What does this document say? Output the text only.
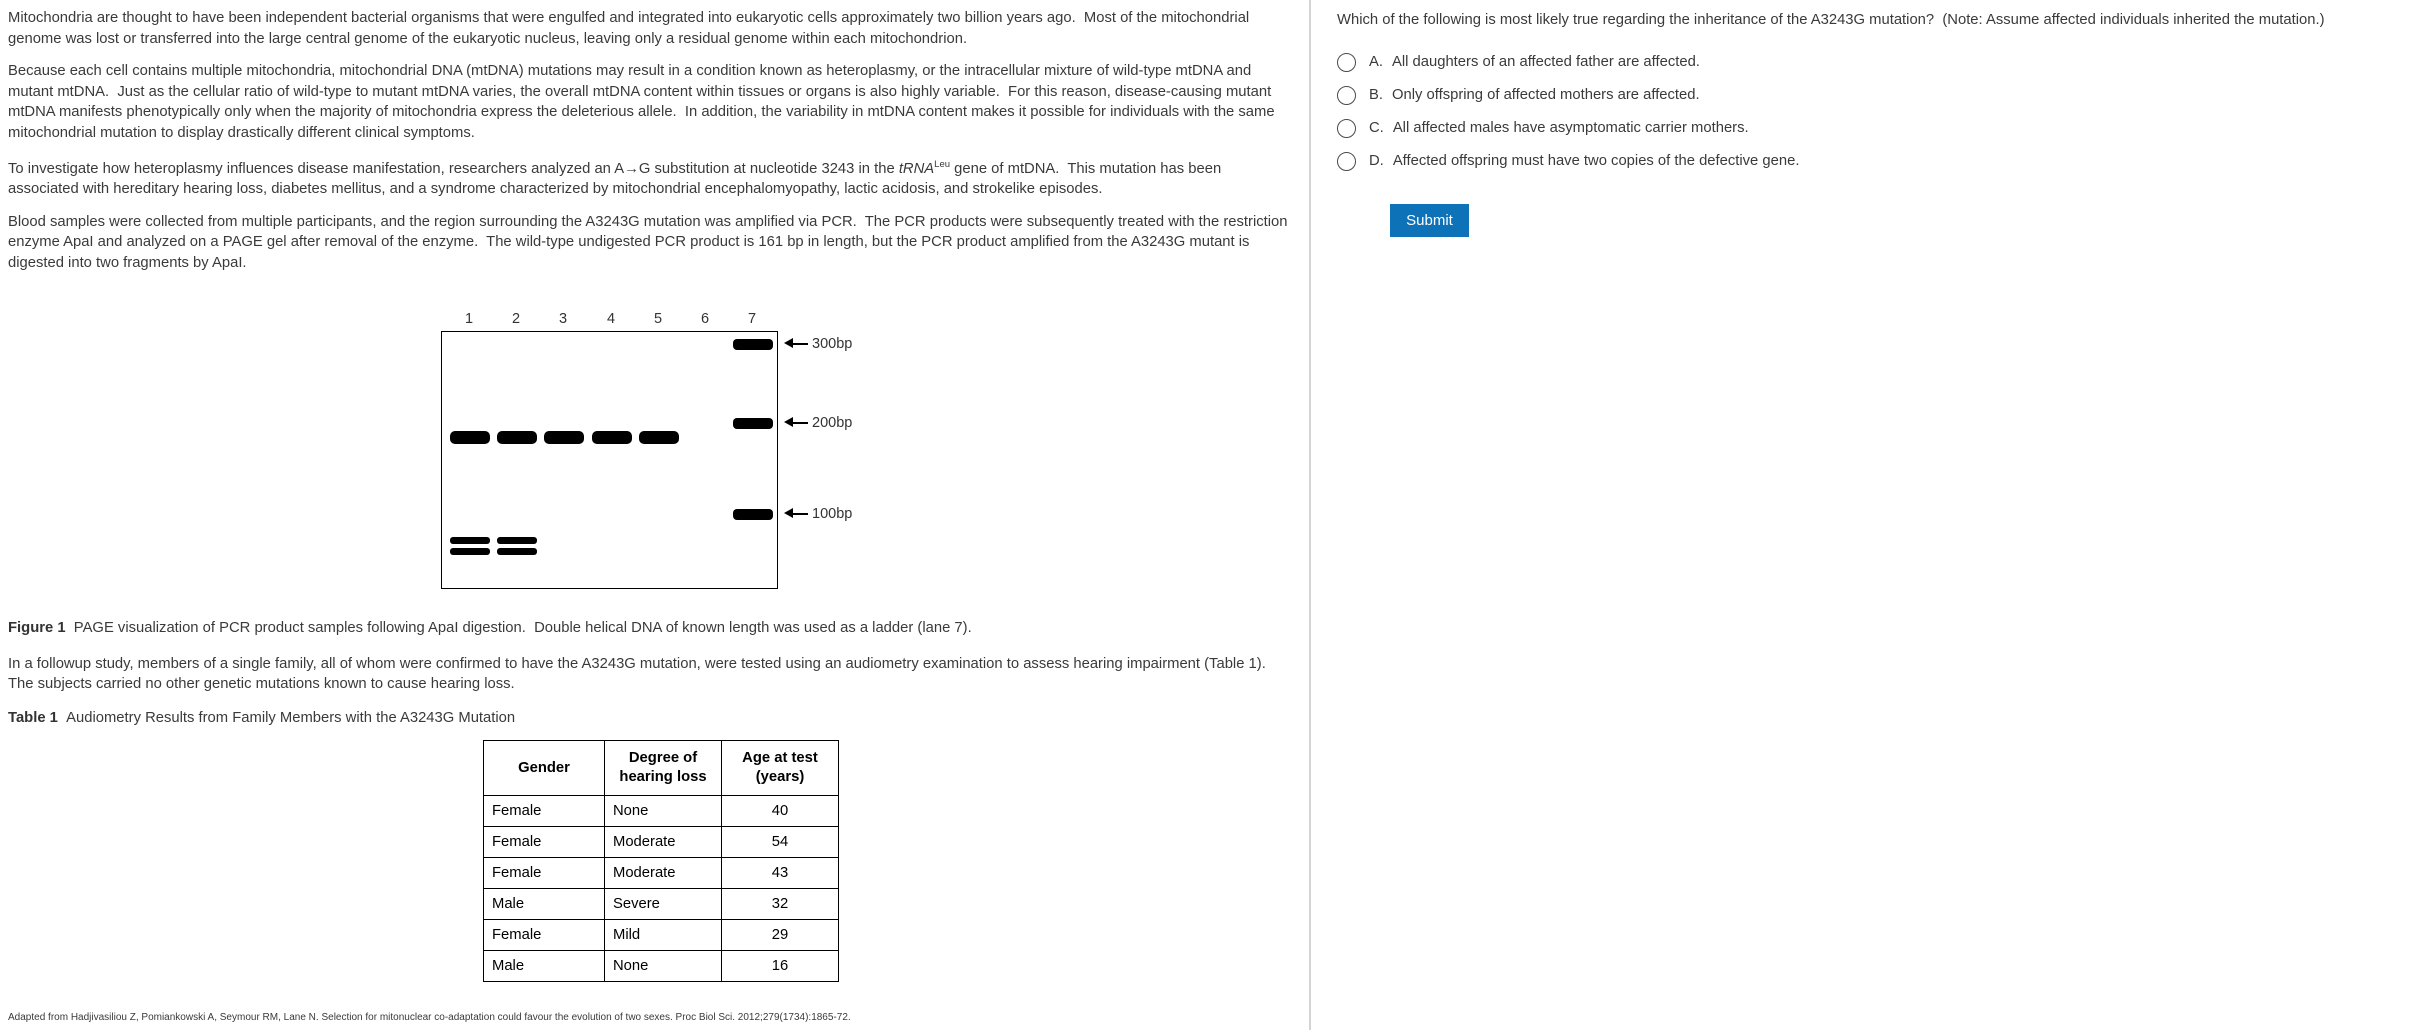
Mitochondria are thought to have been independent bacterial organisms that were engulfed and integrated into eukaryotic cells approximately two billion years ago.  Most of the mitochondrial genome was lost or transferred into the large central genome of the eukaryotic nucleus, leaving only a residual genome within each mitochondrion.

Because each cell contains multiple mitochondria, mitochondrial DNA (mtDNA) mutations may result in a condition known as heteroplasmy, or the intracellular mixture of wild-type mtDNA and mutant mtDNA.  Just as the cellular ratio of wild-type to mutant mtDNA varies, the overall mtDNA content within tissues or organs is also highly variable.  For this reason, disease-causing mutant mtDNA manifests phenotypically only when the majority of mitochondria express the deleterious allele.  In addition, the variability in mtDNA content makes it possible for individuals with the same mitochondrial mutation to display drastically different clinical symptoms.

To investigate how heteroplasmy influences disease manifestation, researchers analyzed an A→G substitution at nucleotide 3243 in the tRNA$^{Leu}$ gene of mtDNA.  This mutation has been associated with hereditary hearing loss, diabetes mellitus, and a syndrome characterized by mitochondrial encephalomyopathy, lactic acidosis, and strokelike episodes.

Blood samples were collected from multiple participants, and the region surrounding the A3243G mutation was amplified via PCR.  The PCR products were subsequently treated with the restriction enzyme ApaI and analyzed on a PAGE gel after removal of the enzyme.  The wild-type undigested PCR product is 161 bp in length, but the PCR product amplified from the A3243G mutant is digested into two fragments by ApaI.

1	2	3	4	5	6	7
300bp
200bp
100bp

Figure 1 PAGE visualization of PCR product samples following ApaI digestion.  Double helical DNA of known length was used as a ladder (lane 7).

In a followup study, members of a single family, all of whom were confirmed to have the A3243G mutation, were tested using an audiometry examination to assess hearing impairment (Table 1).  The subjects carried no other genetic mutations known to cause hearing loss.

Table 1 Audiometry Results from Family Members with the A3243G Mutation

Gender	Degree of hearing loss	Age at test (years)
Female	None	40
Female	Moderate	54
Female	Moderate	43
Male	Severe	32
Female	Mild	29
Male	None	16

Adapted from Hadjivasiliou Z, Pomiankowski A, Seymour RM, Lane N. Selection for mitonuclear co-adaptation could favour the evolution of two sexes. Proc Biol Sci. 2012;279(1734):1865-72.

Which of the following is most likely true regarding the inheritance of the A3243G mutation?  (Note: Assume affected individuals inherited the mutation.)
A. All daughters of an affected father are affected.
B. Only offspring of affected mothers are affected.
C. All affected males have asymptomatic carrier mothers.
D. Affected offspring must have two copies of the defective gene.
Submit
